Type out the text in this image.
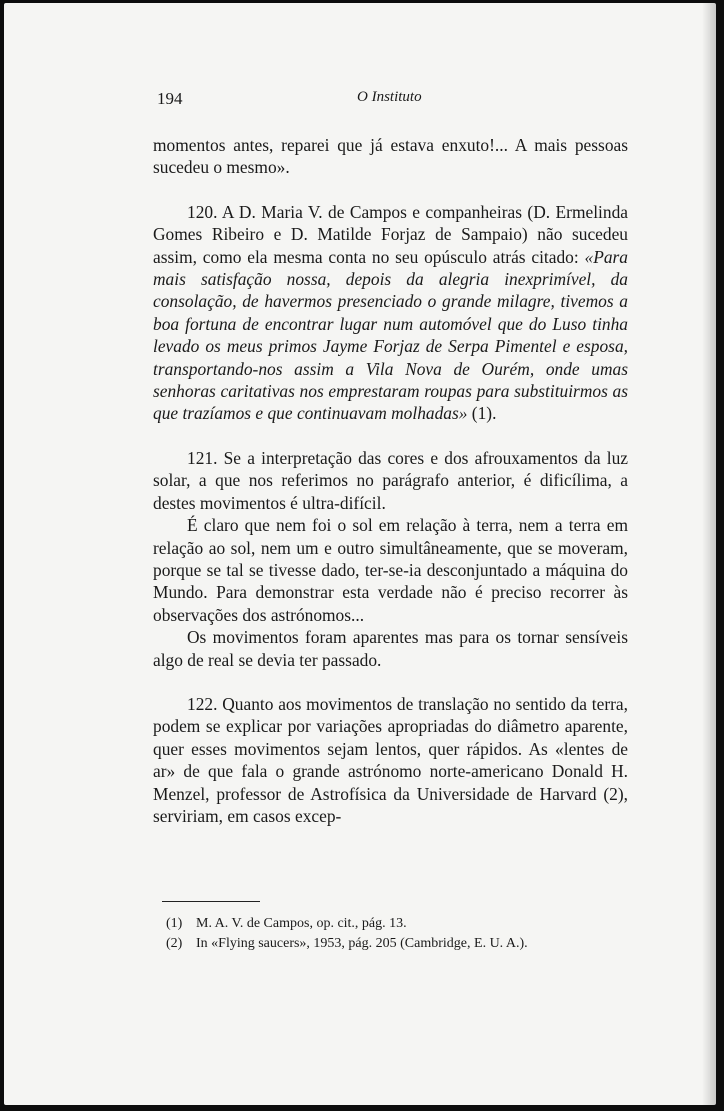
194	O Instituto

momentos antes, reparei que já estava enxuto!... A mais pessoas sucedeu o mesmo».

120. A D. Maria V. de Campos e companheiras (D. Ermelinda Gomes Ribeiro e D. Matilde Forjaz de Sampaio) não sucedeu assim, como ela mesma conta no seu opúsculo atrás citado: «Para mais satisfação nossa, depois da alegria inexprimível, da consolação, de havermos presenciado o grande milagre, tivemos a boa fortuna de encontrar lugar num automóvel que do Luso tinha levado os meus primos Jayme Forjaz de Serpa Pimentel e esposa, transportando-nos assim a Vila Nova de Ourém, onde umas senhoras caritativas nos emprestaram roupas para substituirmos as que trazíamos e que continuavam molhadas» (1).

121. Se a interpretação das cores e dos afrouxamentos da luz solar, a que nos referimos no parágrafo anterior, é dificílima, a destes movimentos é ultra-difícil.

É claro que nem foi o sol em relação à terra, nem a terra em relação ao sol, nem um e outro simultâneamente, que se moveram, porque se tal se tivesse dado, ter-se-ia desconjuntado a máquina do Mundo. Para demonstrar esta verdade não é preciso recorrer às observações dos astrónomos...

Os movimentos foram aparentes mas para os tornar sensíveis algo de real se devia ter passado.

122. Quanto aos movimentos de translação no sentido da terra, podem se explicar por variações apropriadas do diâmetro aparente, quer esses movimentos sejam lentos, quer rápidos. As «lentes de ar» de que fala o grande astrónomo norte-americano Donald H. Menzel, professor de Astrofísica da Universidade de Harvard (2), serviriam, em casos excep-

(1) M. A. V. de Campos, op. cit., pág. 13.
(2) In «Flying saucers», 1953, pág. 205 (Cambridge, E. U. A.).
